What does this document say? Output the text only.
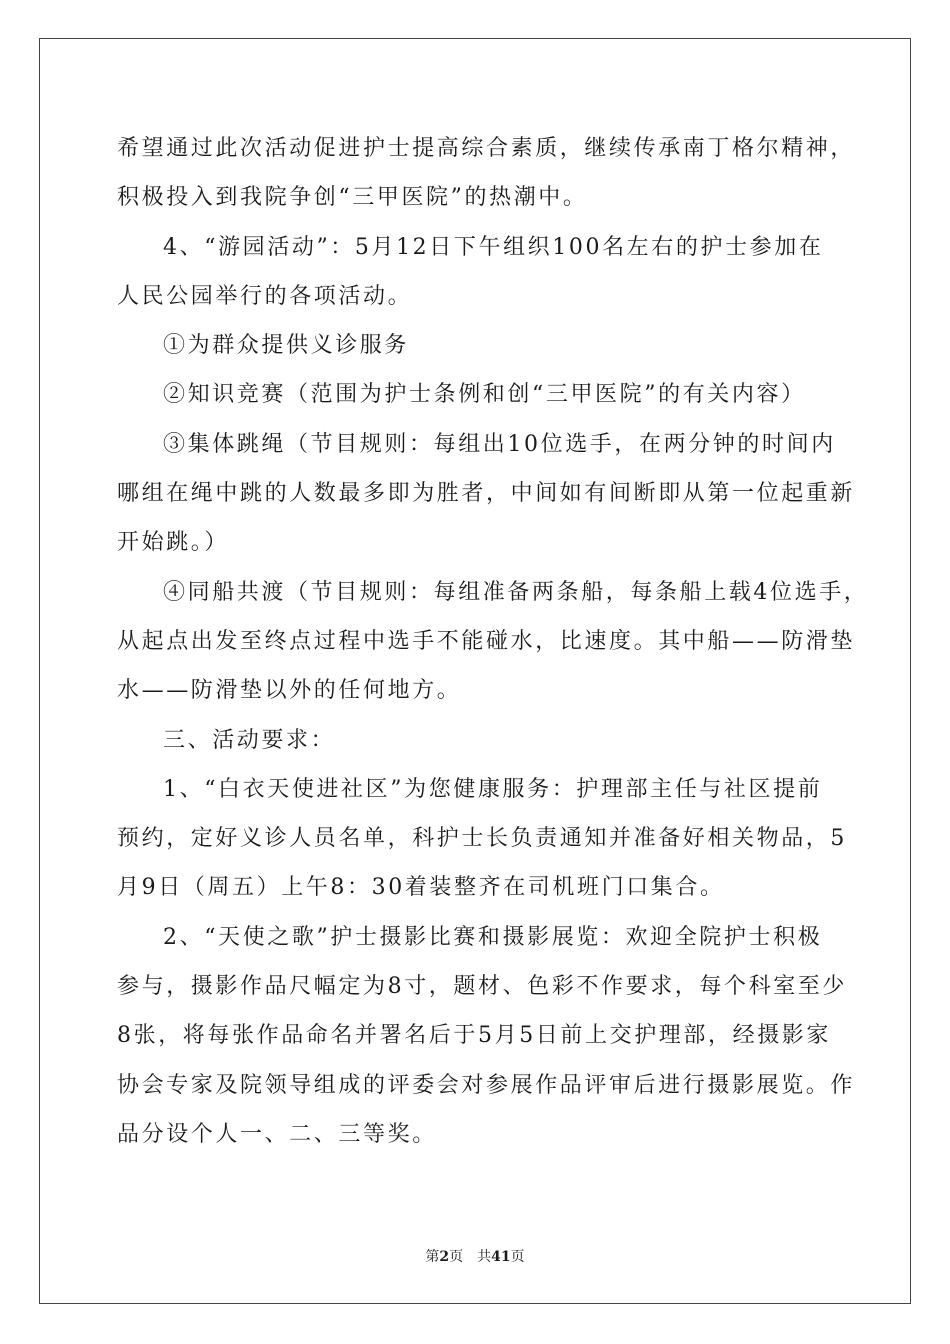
希望通过此次活动促进护士提高综合素质，继续传承南丁格尔精神，
积极投入到我院争创“三甲医院”的热潮中。
4、“游园活动”：5月12日下午组织100名左右的护士参加在
人民公园举行的各项活动。
①为群众提供义诊服务
②知识竞赛（范围为护士条例和创“三甲医院”的有关内容）
③集体跳绳（节目规则：每组出10位选手，在两分钟的时间内
哪组在绳中跳的人数最多即为胜者，中间如有间断即从第一位起重新
开始跳。）
④同船共渡（节目规则：每组准备两条船，每条船上载4位选手，
从起点出发至终点过程中选手不能碰水，比速度。其中船——防滑垫
水——防滑垫以外的任何地方。
三、活动要求：
1、“白衣天使进社区”为您健康服务：护理部主任与社区提前
预约，定好义诊人员名单，科护士长负责通知并准备好相关物品，5
月9日（周五）上午8：30着装整齐在司机班门口集合。
2、“天使之歌”护士摄影比赛和摄影展览：欢迎全院护士积极
参与，摄影作品尺幅定为8寸，题材、色彩不作要求，每个科室至少
8张，将每张作品命名并署名后于5月5日前上交护理部，经摄影家
协会专家及院领导组成的评委会对参展作品评审后进行摄影展览。作
品分设个人一、二、三等奖。
第2页 共41页
